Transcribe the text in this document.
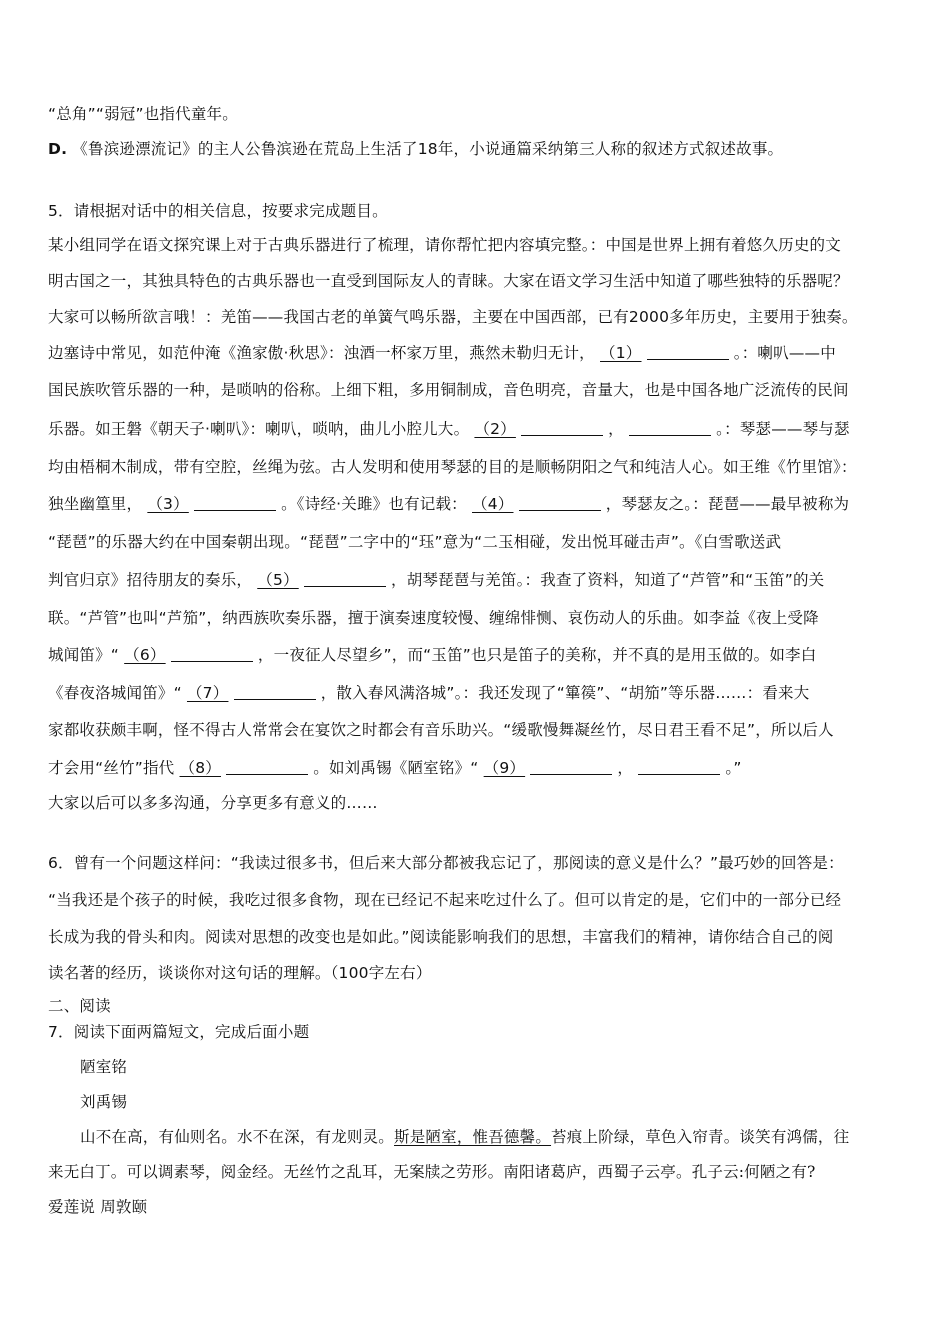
“总角”“弱冠”也指代童年。
D. 《鲁滨逊漂流记》的主人公鲁滨逊在荒岛上生活了18年，小说通篇采纳第三人称的叙述方式叙述故事。
5．请根据对话中的相关信息，按要求完成题目。
某小组同学在语文探究课上对于古典乐器进行了梳理，请你帮忙把内容填完整。：中国是世界上拥有着悠久历史的文
明古国之一，其独具特色的古典乐器也一直受到国际友人的青睐。大家在语文学习生活中知道了哪些独特的乐器呢？
大家可以畅所欲言哦！：羌笛——我国古老的单簧气鸣乐器，主要在中国西部，已有2000多年历史，主要用于独奏。
边塞诗中常见，如范仲淹《渔家傲·秋思》：浊酒一杯家万里，燕然未勒归无计， （1）	。：喇叭——中
国民族吹管乐器的一种，是唢呐的俗称。上细下粗，多用铜制成，音色明亮，音量大，也是中国各地广泛流传的民间
乐器。如王磐《朝天子·喇叭》：喇叭，唢呐，曲儿小腔儿大。 （2）	，	。：琴瑟——琴与瑟
均由梧桐木制成，带有空腔，丝绳为弦。古人发明和使用琴瑟的目的是顺畅阴阳之气和纯洁人心。如王维《竹里馆》：
独坐幽篁里， （3）	。《诗经·关雎》也有记载： （4）	，琴瑟友之。：琵琶——最早被称为
“琵琶”的乐器大约在中国秦朝出现。“琵琶”二字中的“珏”意为“二玉相碰，发出悦耳碰击声”。《白雪歌送武
判官归京》招待朋友的奏乐， （5）	，胡琴琵琶与羌笛。：我查了资料，知道了“芦管”和“玉笛”的关
联。“芦管”也叫“芦笳”，纳西族吹奏乐器，擅于演奏速度较慢、缠绵悱恻、哀伤动人的乐曲。如李益《夜上受降
城闻笛》“ （6）	，一夜征人尽望乡”，而“玉笛”也只是笛子的美称，并不真的是用玉做的。如李白
《春夜洛城闻笛》“ （7）	，散入春风满洛城”。：我还发现了“篳篌”、“胡笳”等乐器……：看来大
家都收获颇丰啊，怪不得古人常常会在宴饮之时都会有音乐助兴。“缓歌慢舞凝丝竹，尽日君王看不足”，所以后人
才会用“丝竹”指代 （8）	。如刘禹锡《陋室铭》“ （9）	，	。”
大家以后可以多多沟通，分享更多有意义的……
6．曾有一个问题这样问：“我读过很多书，但后来大部分都被我忘记了，那阅读的意义是什么？”最巧妙的回答是：
“当我还是个孩子的时候，我吃过很多食物，现在已经记不起来吃过什么了。但可以肯定的是，它们中的一部分已经
长成为我的骨头和肉。阅读对思想的改变也是如此。”阅读能影响我们的思想，丰富我们的精神，请你结合自己的阅
读名著的经历，谈谈你对这句话的理解。（100字左右）
二、阅读
7．阅读下面两篇短文，完成后面小题
陋室铭
刘禹锡
山不在高，有仙则名。水不在深，有龙则灵。斯是陋室，惟吾德馨。苔痕上阶绿，草色入帘青。谈笑有鸿儒，往
来无白丁。可以调素琴，阅金经。无丝竹之乱耳，无案牍之劳形。南阳诸葛庐，西蜀子云亭。孔子云:何陋之有?
爱莲说 周敦颐
